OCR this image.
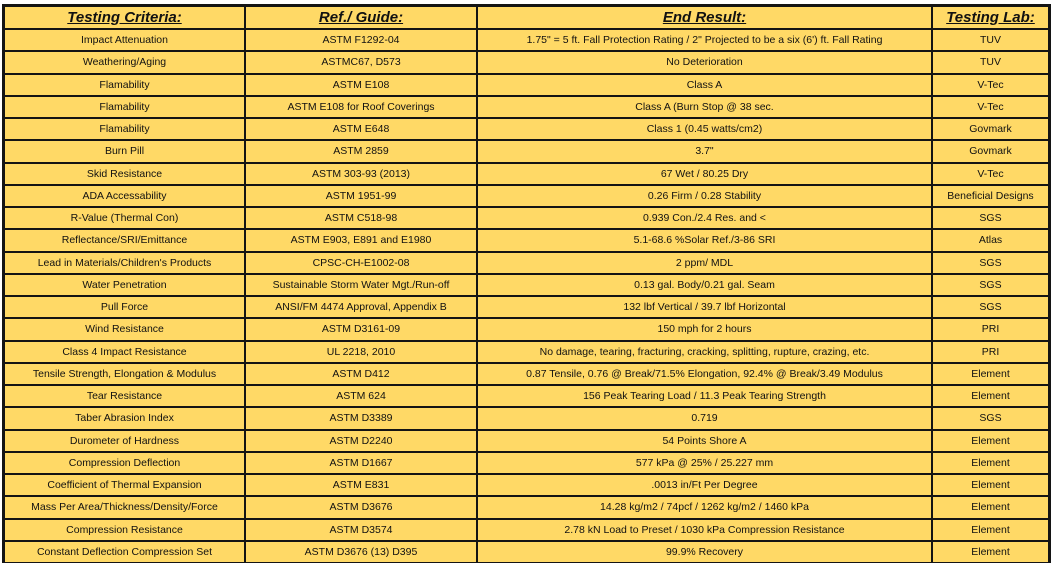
Testing Criteria:	Ref./ Guide:	End Result:	Testing Lab:
Impact Attenuation	ASTM F1292-04	1.75" = 5 ft. Fall Protection Rating / 2" Projected to be a six (6') ft. Fall Rating	TUV
Weathering/Aging	ASTMC67, D573	No Deterioration	TUV
Flamability	ASTM E108	Class A	V-Tec
Flamability	ASTM E108 for Roof Coverings	Class A (Burn Stop @ 38 sec.	V-Tec
Flamability	ASTM E648	Class 1 (0.45 watts/cm2)	Govmark
Burn Pill	ASTM 2859	3.7"	Govmark
Skid Resistance	ASTM 303-93 (2013)	67 Wet / 80.25 Dry	V-Tec
ADA Accessability	ASTM 1951-99	0.26 Firm / 0.28 Stability	Beneficial Designs
R-Value (Thermal Con)	ASTM C518-98	0.939 Con./2.4 Res. and <	SGS
Reflectance/SRI/Emittance	ASTM E903, E891 and E1980	5.1-68.6 %Solar Ref./3-86 SRI	Atlas
Lead in Materials/Children's Products	CPSC-CH-E1002-08	2 ppm/ MDL	SGS
Water Penetration	Sustainable Storm Water Mgt./Run-off	0.13 gal. Body/0.21 gal. Seam	SGS
Pull Force	ANSI/FM 4474 Approval, Appendix B	132 lbf Vertical / 39.7 lbf Horizontal	SGS
Wind Resistance	ASTM D3161-09	150 mph for 2 hours	PRI
Class 4 Impact Resistance	UL 2218, 2010	No damage, tearing, fracturing, cracking, splitting, rupture, crazing, etc.	PRI
Tensile Strength, Elongation & Modulus	ASTM D412	0.87 Tensile, 0.76 @ Break/71.5% Elongation, 92.4% @ Break/3.49 Modulus	Element
Tear Resistance	ASTM 624	156 Peak Tearing Load / 11.3 Peak Tearing Strength	Element
Taber Abrasion Index	ASTM D3389	0.719	SGS
Durometer of Hardness	ASTM D2240	54 Points Shore A	Element
Compression Deflection	ASTM D1667	577 kPa @ 25% / 25.227 mm	Element
Coefficient of Thermal Expansion	ASTM E831	.0013 in/Ft Per Degree	Element
Mass Per Area/Thickness/Density/Force	ASTM D3676	14.28 kg/m2 / 74pcf / 1262 kg/m2 / 1460 kPa	Element
Compression Resistance	ASTM D3574	2.78 kN Load to Preset / 1030 kPa Compression Resistance	Element
Constant Deflection Compression Set	ASTM D3676 (13) D395	99.9% Recovery	Element
